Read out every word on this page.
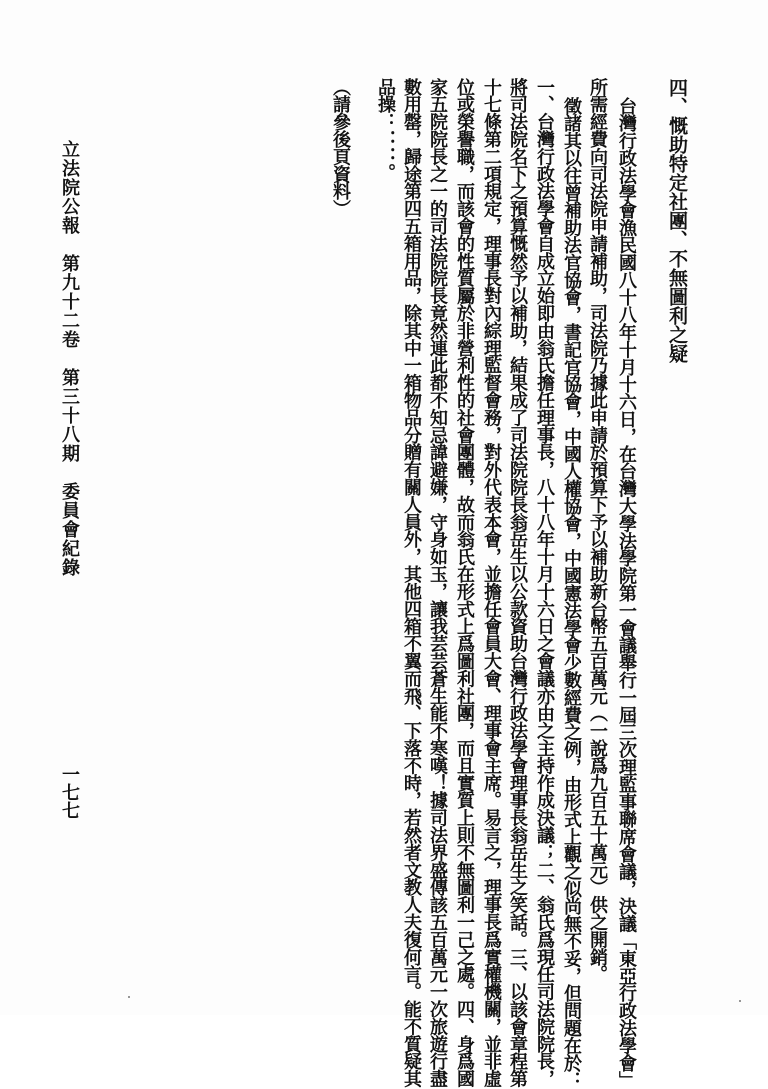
四、慨助特定社團、不無圖利之疑
台灣行政法學會漁民國八十八年十月十六日，在台灣大學法學院第一會議舉行一屆三次理監事聯席會議，決議「東亞行政法學會」
所需經費向司法院申請補助，司法院乃據此申請於預算下予以補助新台幣五百萬元（一說爲九百五十萬元）供之開銷。
徵諸其以往曾補助法官協會，書記官協會，中國人權協會，中國憲法學會少數經費之例，由形式上觀之似尚無不妥，但問題在於：
一、台灣行政法學會自成立始即由翁氏擔任理事長，八十八年十月十六日之會議亦由之主持作成決議；二、翁氏爲現任司法院院長，
將司法院名下之預算慨然予以補助，結果成了司法院院長翁岳生以公款資助台灣行政法學會理事長翁岳生之笑話。三、以該會章程第
十七條第二項規定，理事長對內綜理監督會務，對外代表本會，並擔任會員大會、理事會主席。易言之，理事長爲實權機關，並非虛
位或榮譽職，而該會的性質屬於非營利性的社會團體，故而翁氏在形式上爲圖利社團，而且實質上則不無圖利一己之處。四、身爲國
家五院院長之一的司法院院長竟然連此都不知忌諱避嫌，守身如玉，讓我芸芸蒼生能不寒嘆！據司法界盛傳該五百萬元一次旅遊行盡
數用罄，歸途第四五箱用品，除其中一箱物品分贈有關人員外，其他四箱不翼而飛、下落不時，若然者文教人夫復何言。能不質疑其
品操：．．．．。
（請參後頁資料）
立法院公報　第九十二卷　第三十八期　委員會紀錄
一七七
